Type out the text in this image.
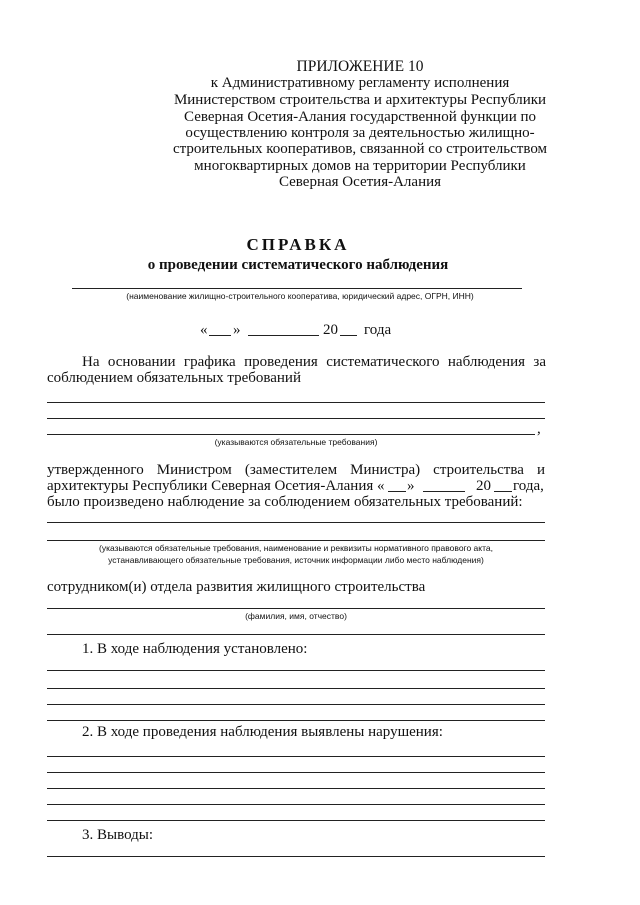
ПРИЛОЖЕНИЕ 10
к Административному регламенту исполнения
Министерством строительства и архитектуры Республики
Северная Осетия-Алания государственной функции по
осуществлению контроля за деятельностью жилищно-
строительных кооперативов, связанной со строительством
многоквартирных домов на территории Республики
Северная Осетия-Алания
СПРАВКА
о проведении систематического наблюдения
(наименование жилищно-строительного кооператива, юридический адрес, ОГРН, ИНН)
« »	20 года
На основании графика проведения систематического наблюдения за
соблюдением обязательных требований
,
(указываются обязательные требования)
утвержденного Министром (заместителем Министра) строительства и
архитектуры Республики Северная Осетия-Алания « »	20 года,
было произведено наблюдение за соблюдением обязательных требований:
(указываются обязательные требования, наименование и реквизиты нормативного правового акта,
устанавливающего обязательные требования, источник информации либо место наблюдения)
сотрудником(и) отдела развития жилищного строительства
(фамилия, имя, отчество)
1. В ходе наблюдения установлено:
2. В ходе проведения наблюдения выявлены нарушения:
3. Выводы:
